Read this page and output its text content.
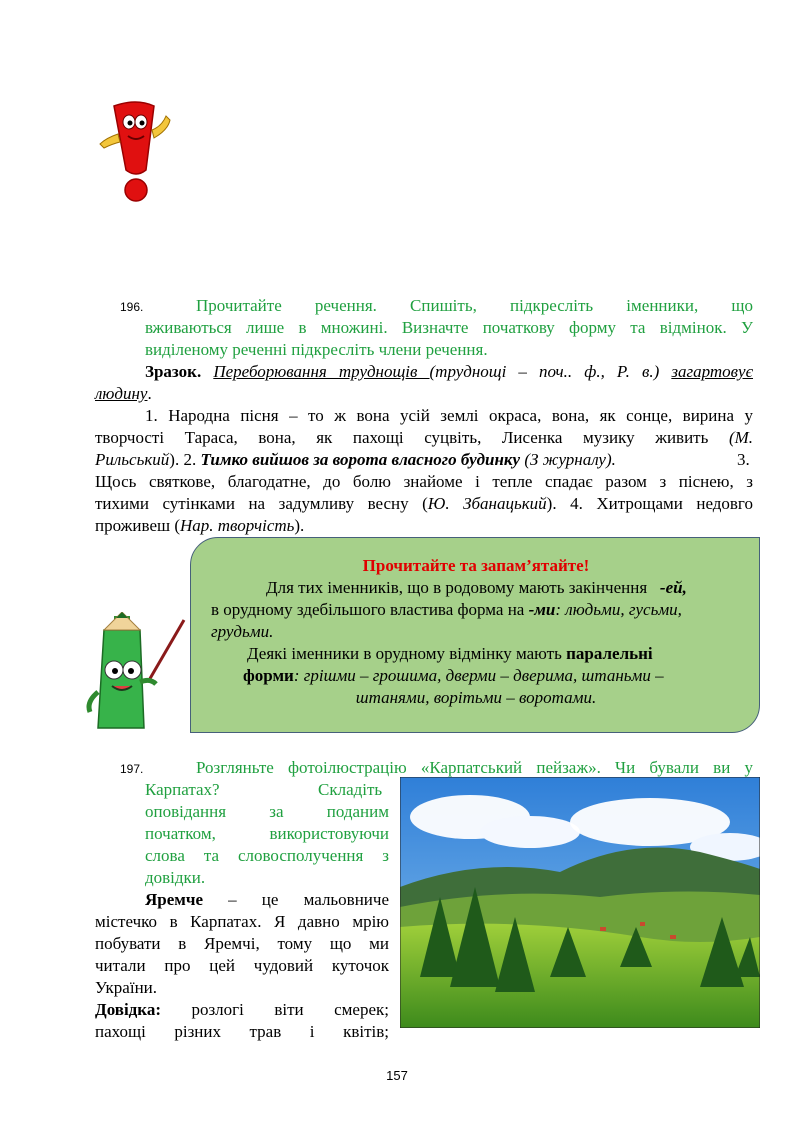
196.	Прочитайте речення. Спишіть, підкресліть іменники, що
вживаються лише в множині. Визначте початкову форму та відмінок. У
виділеному реченні підкресліть члени речення.
Зразок. Переборювання труднощів (труднощі – поч.. ф., Р. в.) загартовує
людину.
1. Народна пісня – то ж вона усій землі окраса, вона, як сонце, вирина у
творчості Тараса, вона, як пахощі суцвіть, Лисенка музику живить (М.
Рильський). 2. Тимко вийшов за ворота власного будинку (З журналу).	3.
Щось святкове, благодатне, до болю знайоме і тепле спадає разом з піснею, з
тихими сутінками на задумливу весну (Ю. Збанацький). 4. Хитрощами недовго
проживеш (Нар. творчість).
Прочитайте та запам’ятайте!
Для тих іменників, що в родовому мають закінчення -ей,
в орудному здебільшого властива форма на -ми: людьми, гусьми,
грудьми.
Деякі іменники в орудному відмінку мають паралельні
форми: грішми – грошима, дверми – дверима, штаньми –
штанями, ворітьми – воротами.
197.	Розгляньте фотоілюстрацію «Карпатський пейзаж». Чи бували ви у
Карпатах?	Складіть
оповідання	за	поданим
початком,	використовуючи
слова та словосполучення з
довідки.
Яремче – це мальовниче
містечко в Карпатах. Я давно мрію
побувати в Яремчі, тому що ми
читали про цей чудовий куточок
України.
Довідка: розлогі віти смерек;
пахощі різних трав і квітів;
157
